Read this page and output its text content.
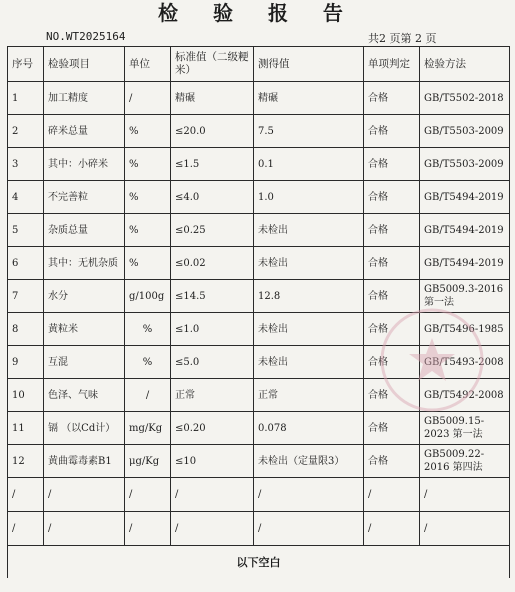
检 验 报 告
NO.WT2025164	共2 页第 2 页
序号	检验项目	单位	标准值（二级粳米）	测得值	单项判定	检验方法
1	加工精度	/	精碾	精碾	合格	GB/T5502-2018
2	碎米总量	%	≤20.0	7.5	合格	GB/T5503-2009
3	其中：小碎米	%	≤1.5	0.1	合格	GB/T5503-2009
4	不完善粒	%	≤4.0	1.0	合格	GB/T5494-2019
5	杂质总量	%	≤0.25	未检出	合格	GB/T5494-2019
6	其中：无机杂质	%	≤0.02	未检出	合格	GB/T5494-2019
7	水分	g/100g	≤14.5	12.8	合格	GB5009.3-2016 第一法
8	黄粒米	%	≤1.0	未检出	合格	GB/T5496-1985
9	互混	%	≤5.0	未检出	合格	GB/T5493-2008
10	色泽、气味	/	正常	正常	合格	GB/T5492-2008
11	镉 （以Cd计）	mg/Kg	≤0.20	0.078	合格	GB5009.15-2023 第一法
12	黄曲霉毒素B1	μg/Kg	≤10	未检出（定量限3）	合格	GB5009.22-2016 第四法
/	/	/	/	/	/	/
/	/	/	/	/	/	/
以下空白						
